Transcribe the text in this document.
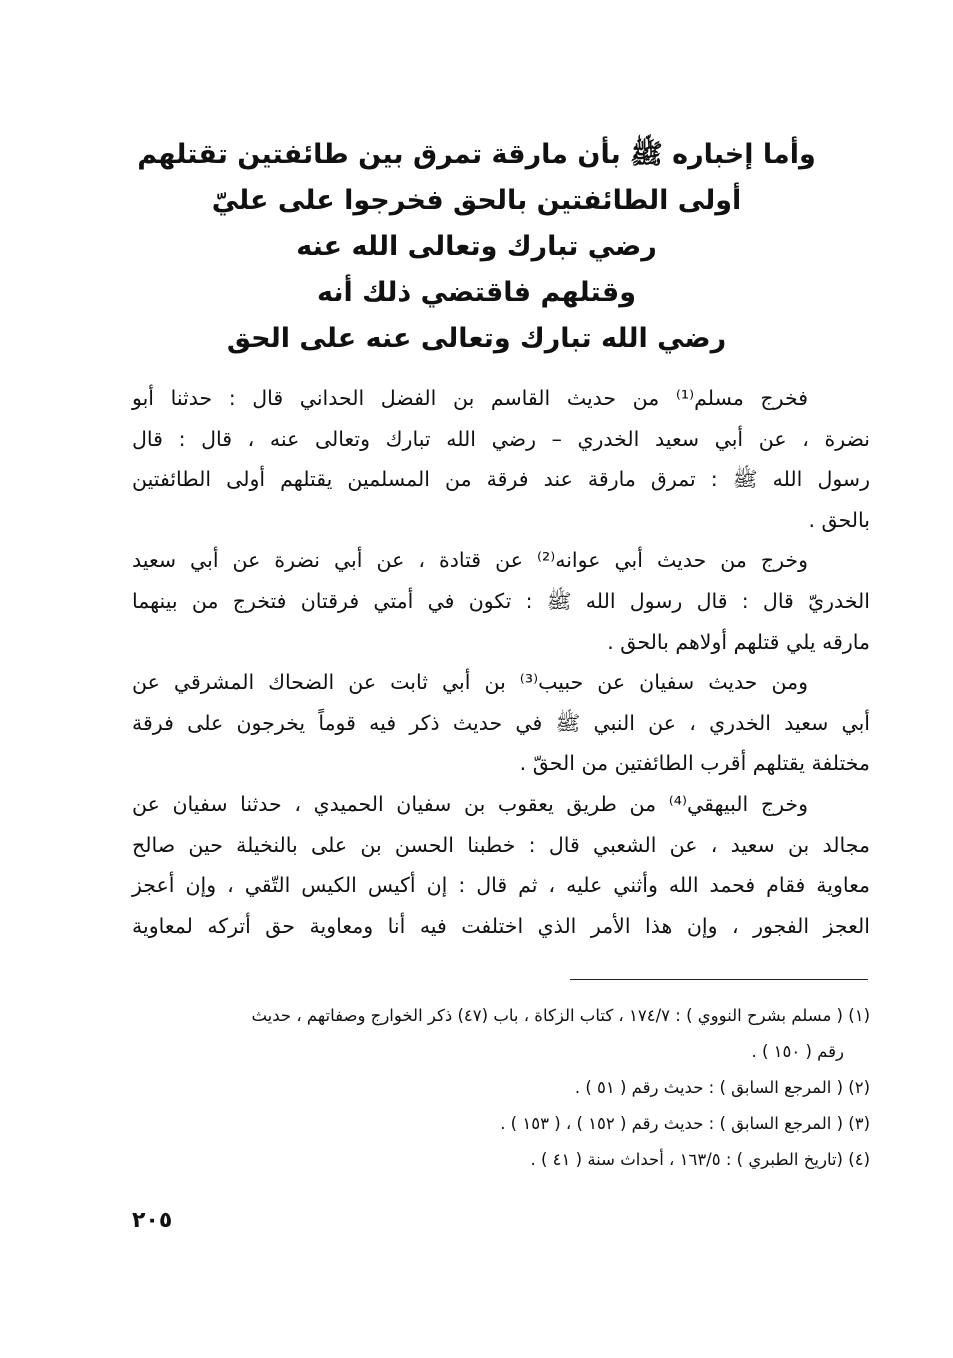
وأما إخباره ﷺ بأن مارقة تمرق بين طائفتين تقتلهم
أولى الطائفتين بالحق فخرجوا على عليّ
رضي تبارك وتعالى الله عنه
وقتلهم فاقتضي ذلك أنه
رضي الله تبارك وتعالى عنه على الحق
فخرج مسلم⁽¹⁾ من حديث القاسم بن الفضل الحداني قال : حدثنا أبو
نضرة ، عن أبي سعيد الخدري – رضي الله تبارك وتعالى عنه ، قال : قال
رسول الله ﷺ : تمرق مارقة عند فرقة من المسلمين يقتلهم أولى الطائفتين
بالحق .
وخرج من حديث أبي عوانه⁽²⁾ عن قتادة ، عن أبي نضرة عن أبي سعيد
الخدريّ قال : قال رسول الله ﷺ : تكون في أمتي فرقتان فتخرج من بينهما
مارقه يلي قتلهم أولاهم بالحق .
ومن حديث سفيان عن حبيب⁽³⁾ بن أبي ثابت عن الضحاك المشرقي عن
أبي سعيد الخدري ، عن النبي ﷺ في حديث ذكر فيه قوماً يخرجون على فرقة
مختلفة يقتلهم أقرب الطائفتين من الحقّ .
وخرج البيهقي⁽⁴⁾ من طريق يعقوب بن سفيان الحميدي ، حدثنا سفيان عن
مجالد بن سعيد ، عن الشعبي قال : خطبنا الحسن بن على بالنخيلة حين صالح
معاوية فقام فحمد الله وأثني عليه ، ثم قال : إن أكيس الكيس التّقي ، وإن أعجز
العجز الفجور ، وإن هذا الأمر الذي اختلفت فيه أنا ومعاوية حق أتركه لمعاوية
(١) ( مسلم بشرح النووي ) : ١٧٤/٧ ، كتاب الزكاة ، باب (٤٧) ذكر الخوارج وصفاتهم ، حديث
رقم ( ١٥٠ ) .
(٢) ( المرجع السابق ) : حديث رقم ( ٥١ ) .
(٣) ( المرجع السابق ) : حديث رقم ( ١٥٢ ) ، ( ١٥٣ ) .
(٤) (تاريخ الطبري ) : ١٦٣/٥ ، أحداث سنة ( ٤١ ) .
٢٠٥
